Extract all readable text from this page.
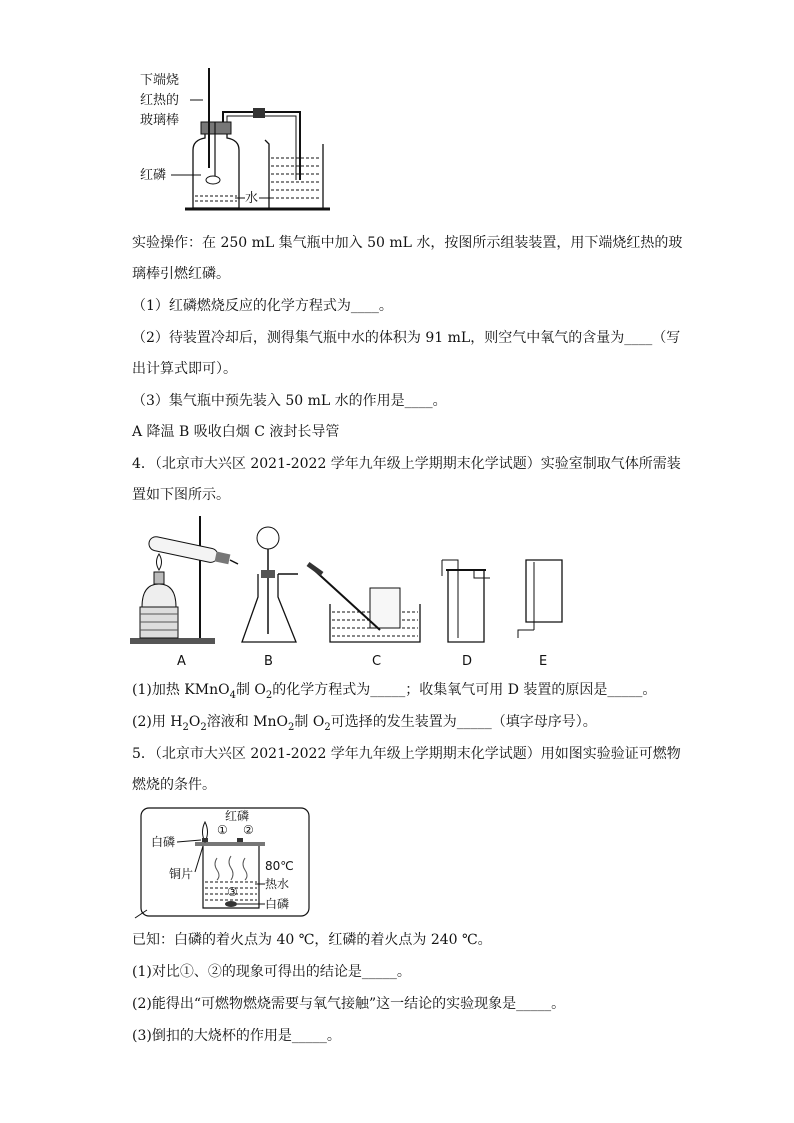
下端烧
红热的
玻璃棒
红磷
水
实验操作：在 250 mL 集气瓶中加入 50 mL 水，按图所示组装装置，用下端烧红热的玻
璃棒引燃红磷。
（1）红磷燃烧反应的化学方程式为____。
（2）待装置冷却后，测得集气瓶中水的体积为 91 mL，则空气中氧气的含量为____（写
出计算式即可）。
（3）集气瓶中预先装入 50 mL 水的作用是____。
A 降温 B 吸收白烟 C 液封长导管
4．（北京市大兴区 2021-2022 学年九年级上学期期末化学试题）实验室制取气体所需装
置如下图所示。
A	B	C	D	E
(1)加热 KMnO$_4$制 $O_2$的化学方程式为_____；收集氧气可用 D 装置的原因是_____。
(2)用 $H_2O_2$溶液和 MnO$_2$制 $O_2$可选择的发生装置为_____（填字母序号）。
5．（北京市大兴区 2021-2022 学年九年级上学期期末化学试题）用如图实验验证可燃物
燃烧的条件。
① ②
红磷
白磷
铜片
80℃
热水
③
白磷
已知：白磷的着火点为 40 ℃，红磷的着火点为 240 ℃。
(1)对比①、②的现象可得出的结论是_____。
(2)能得出“可燃物燃烧需要与氧气接触”这一结论的实验现象是_____。
(3)倒扣的大烧杯的作用是_____。
